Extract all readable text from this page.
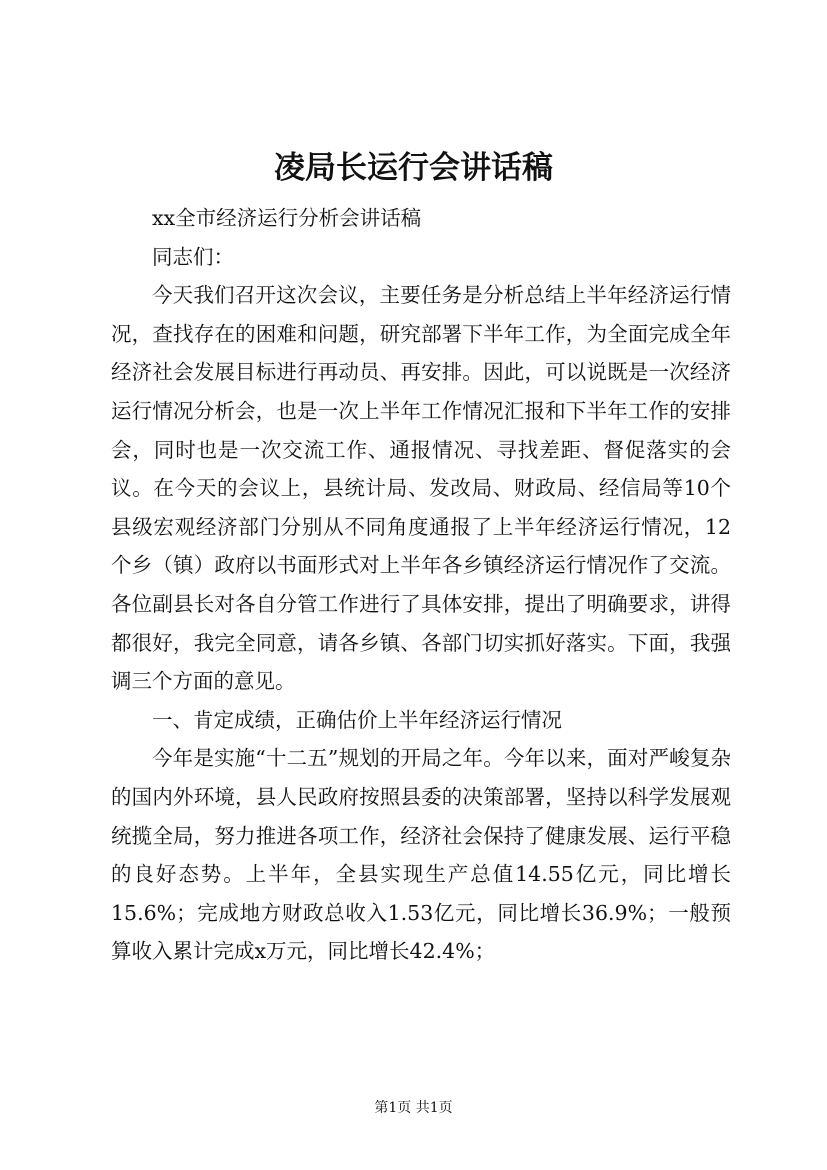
凌局长运行会讲话稿

xx全市经济运行分析会讲话稿

同志们：

今天我们召开这次会议，主要任务是分析总结上半年经济运行情况，查找存在的困难和问题，研究部署下半年工作，为全面完成全年经济社会发展目标进行再动员、再安排。因此，可以说既是一次经济运行情况分析会，也是一次上半年工作情况汇报和下半年工作的安排会，同时也是一次交流工作、通报情况、寻找差距、督促落实的会议。在今天的会议上，县统计局、发改局、财政局、经信局等10个县级宏观经济部门分别从不同角度通报了上半年经济运行情况，12个乡（镇）政府以书面形式对上半年各乡镇经济运行情况作了交流。各位副县长对各自分管工作进行了具体安排，提出了明确要求，讲得都很好，我完全同意，请各乡镇、各部门切实抓好落实。下面，我强调三个方面的意见。

一、肯定成绩，正确估价上半年经济运行情况

今年是实施“十二五”规划的开局之年。今年以来，面对严峻复杂的国内外环境，县人民政府按照县委的决策部署，坚持以科学发展观统揽全局，努力推进各项工作，经济社会保持了健康发展、运行平稳的良好态势。上半年，全县实现生产总值14.55亿元，同比增长15.6%；完成地方财政总收入1.53亿元，同比增长36.9%；一般预算收入累计完成x万元，同比增长42.4%；

第1页 共1页
